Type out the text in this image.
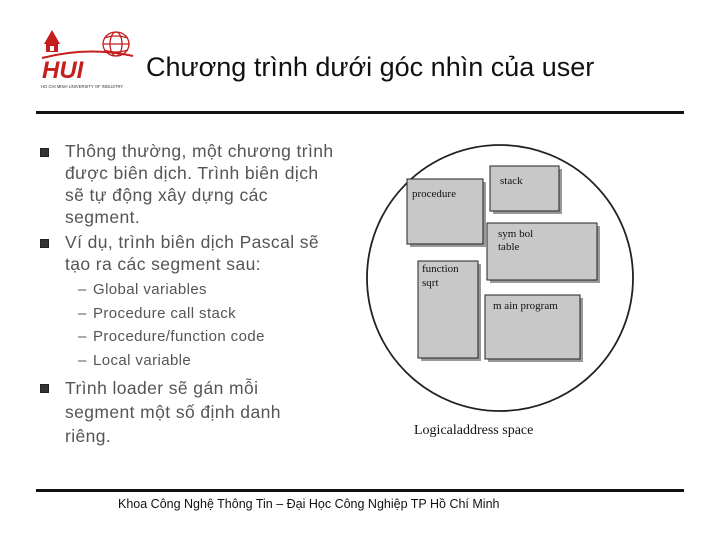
HUI
HO CHI MINH UNIVERSITY OF INDUSTRY
Chương trình dưới góc nhìn của user
Thông thường, một chương trình
được biên dịch. Trình biên dịch
sẽ tự động xây dựng các
segment.
Ví dụ, trình biên dịch Pascal sẽ
tạo ra các segment sau:
– Global variables
– Procedure call stack
– Procedure/function code
– Local variable
Trình loader sẽ gán mỗi
segment một số định danh
riêng.
stack
procedure
sym bol
table
function
sqrt
m ain program
Logicaladdress space
Khoa Công Nghệ Thông Tin – Đại Học Công Nghiệp TP Hồ Chí Minh
